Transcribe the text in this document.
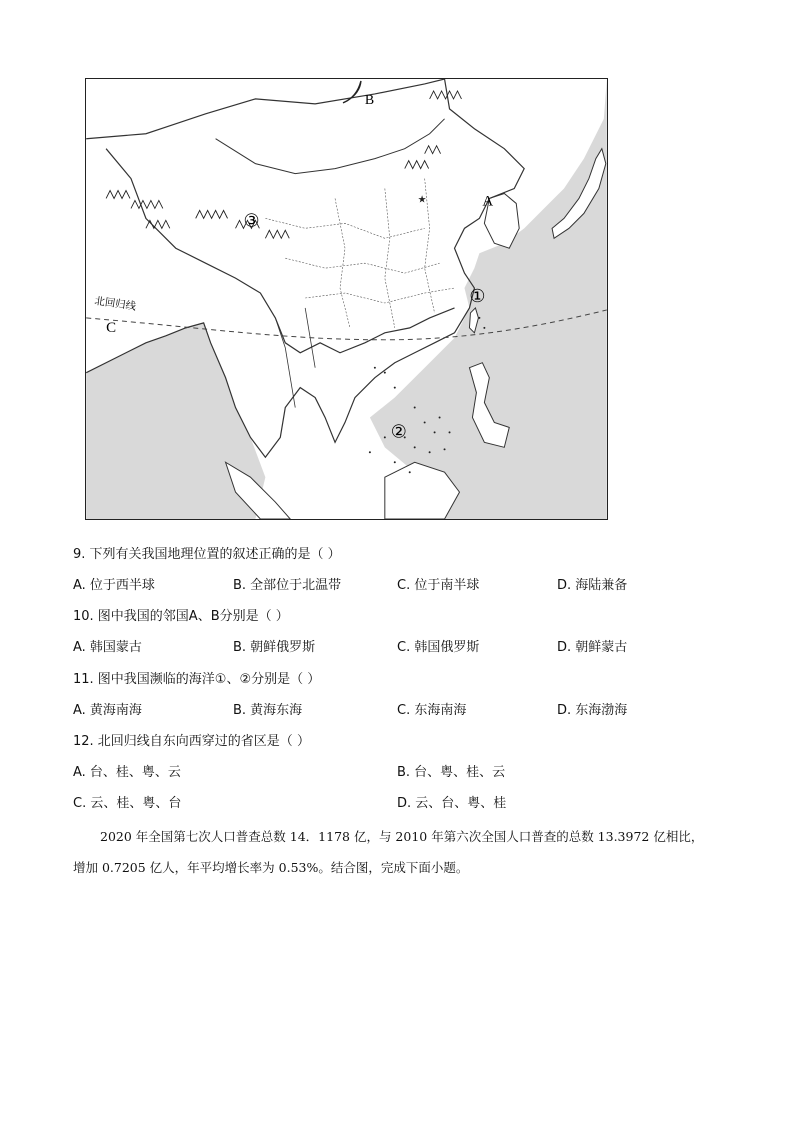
★
B
A
C
①
②
③
北回归线
9. 下列有关我国地理位置的叙述正确的是（ ）
A. 位于西半球	B. 全部位于北温带	C. 位于南半球	D. 海陆兼备
10. 图中我国的邻国A、B分别是（ ）
A. 韩国蒙古	B. 朝鲜俄罗斯	C. 韩国俄罗斯	D. 朝鲜蒙古
11. 图中我国濒临的海洋①、②分别是（ ）
A. 黄海南海	B. 黄海东海	C. 东海南海	D. 东海渤海
12. 北回归线自东向西穿过的省区是（ ）
A. 台、桂、粤、云	B. 台、粤、桂、云
C. 云、桂、粤、台	D. 云、台、粤、桂
2020 年全国第七次人口普查总数 14．1178 亿，与 2010 年第六次全国人口普查的总数 13.3972 亿相比，
增加 0.7205 亿人，年平均增长率为 0.53%。结合图，完成下面小题。
